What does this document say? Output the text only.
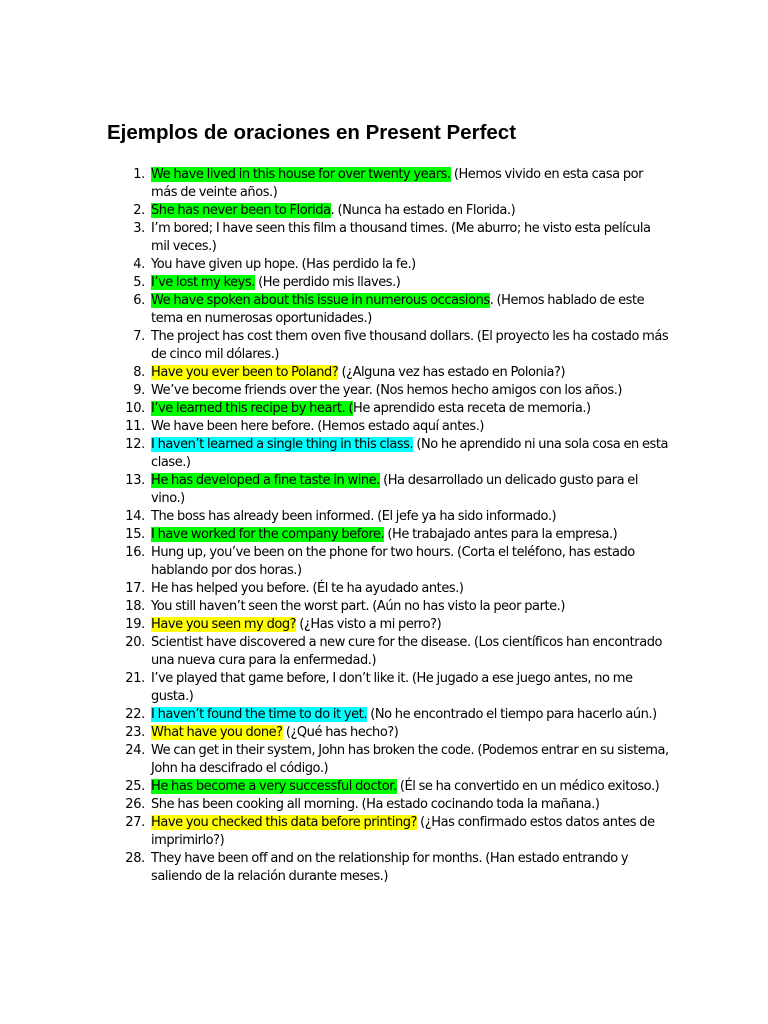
Ejemplos de oraciones en Present Perfect
1. We have lived in this house for over twenty years. (Hemos vivido en esta casa por más de veinte años.)
2. She has never been to Florida. (Nunca ha estado en Florida.)
3. I’m bored; I have seen this film a thousand times. (Me aburro; he visto esta película mil veces.)
4. You have given up hope. (Has perdido la fe.)
5. I’ve lost my keys. (He perdido mis llaves.)
6. We have spoken about this issue in numerous occasions. (Hemos hablado de este tema en numerosas oportunidades.)
7. The project has cost them oven five thousand dollars. (El proyecto les ha costado más de cinco mil dólares.)
8. Have you ever been to Poland? (¿Alguna vez has estado en Polonia?)
9. We’ve become friends over the year. (Nos hemos hecho amigos con los años.)
10. I’ve learned this recipe by heart. (He aprendido esta receta de memoria.)
11. We have been here before. (Hemos estado aquí antes.)
12. I haven’t learned a single thing in this class. (No he aprendido ni una sola cosa en esta clase.)
13. He has developed a fine taste in wine. (Ha desarrollado un delicado gusto para el vino.)
14. The boss has already been informed. (El jefe ya ha sido informado.)
15. I have worked for the company before. (He trabajado antes para la empresa.)
16. Hung up, you’ve been on the phone for two hours. (Corta el teléfono, has estado hablando por dos horas.)
17. He has helped you before. (Él te ha ayudado antes.)
18. You still haven’t seen the worst part. (Aún no has visto la peor parte.)
19. Have you seen my dog? (¿Has visto a mi perro?)
20. Scientist have discovered a new cure for the disease. (Los científicos han encontrado una nueva cura para la enfermedad.)
21. I’ve played that game before, I don’t like it. (He jugado a ese juego antes, no me gusta.)
22. I haven’t found the time to do it yet. (No he encontrado el tiempo para hacerlo aún.)
23. What have you done? (¿Qué has hecho?)
24. We can get in their system, John has broken the code. (Podemos entrar en su sistema, John ha descifrado el código.)
25. He has become a very successful doctor. (Él se ha convertido en un médico exitoso.)
26. She has been cooking all morning. (Ha estado cocinando toda la mañana.)
27. Have you checked this data before printing? (¿Has confirmado estos datos antes de imprimirlo?)
28. They have been off and on the relationship for months. (Han estado entrando y saliendo de la relación durante meses.)
